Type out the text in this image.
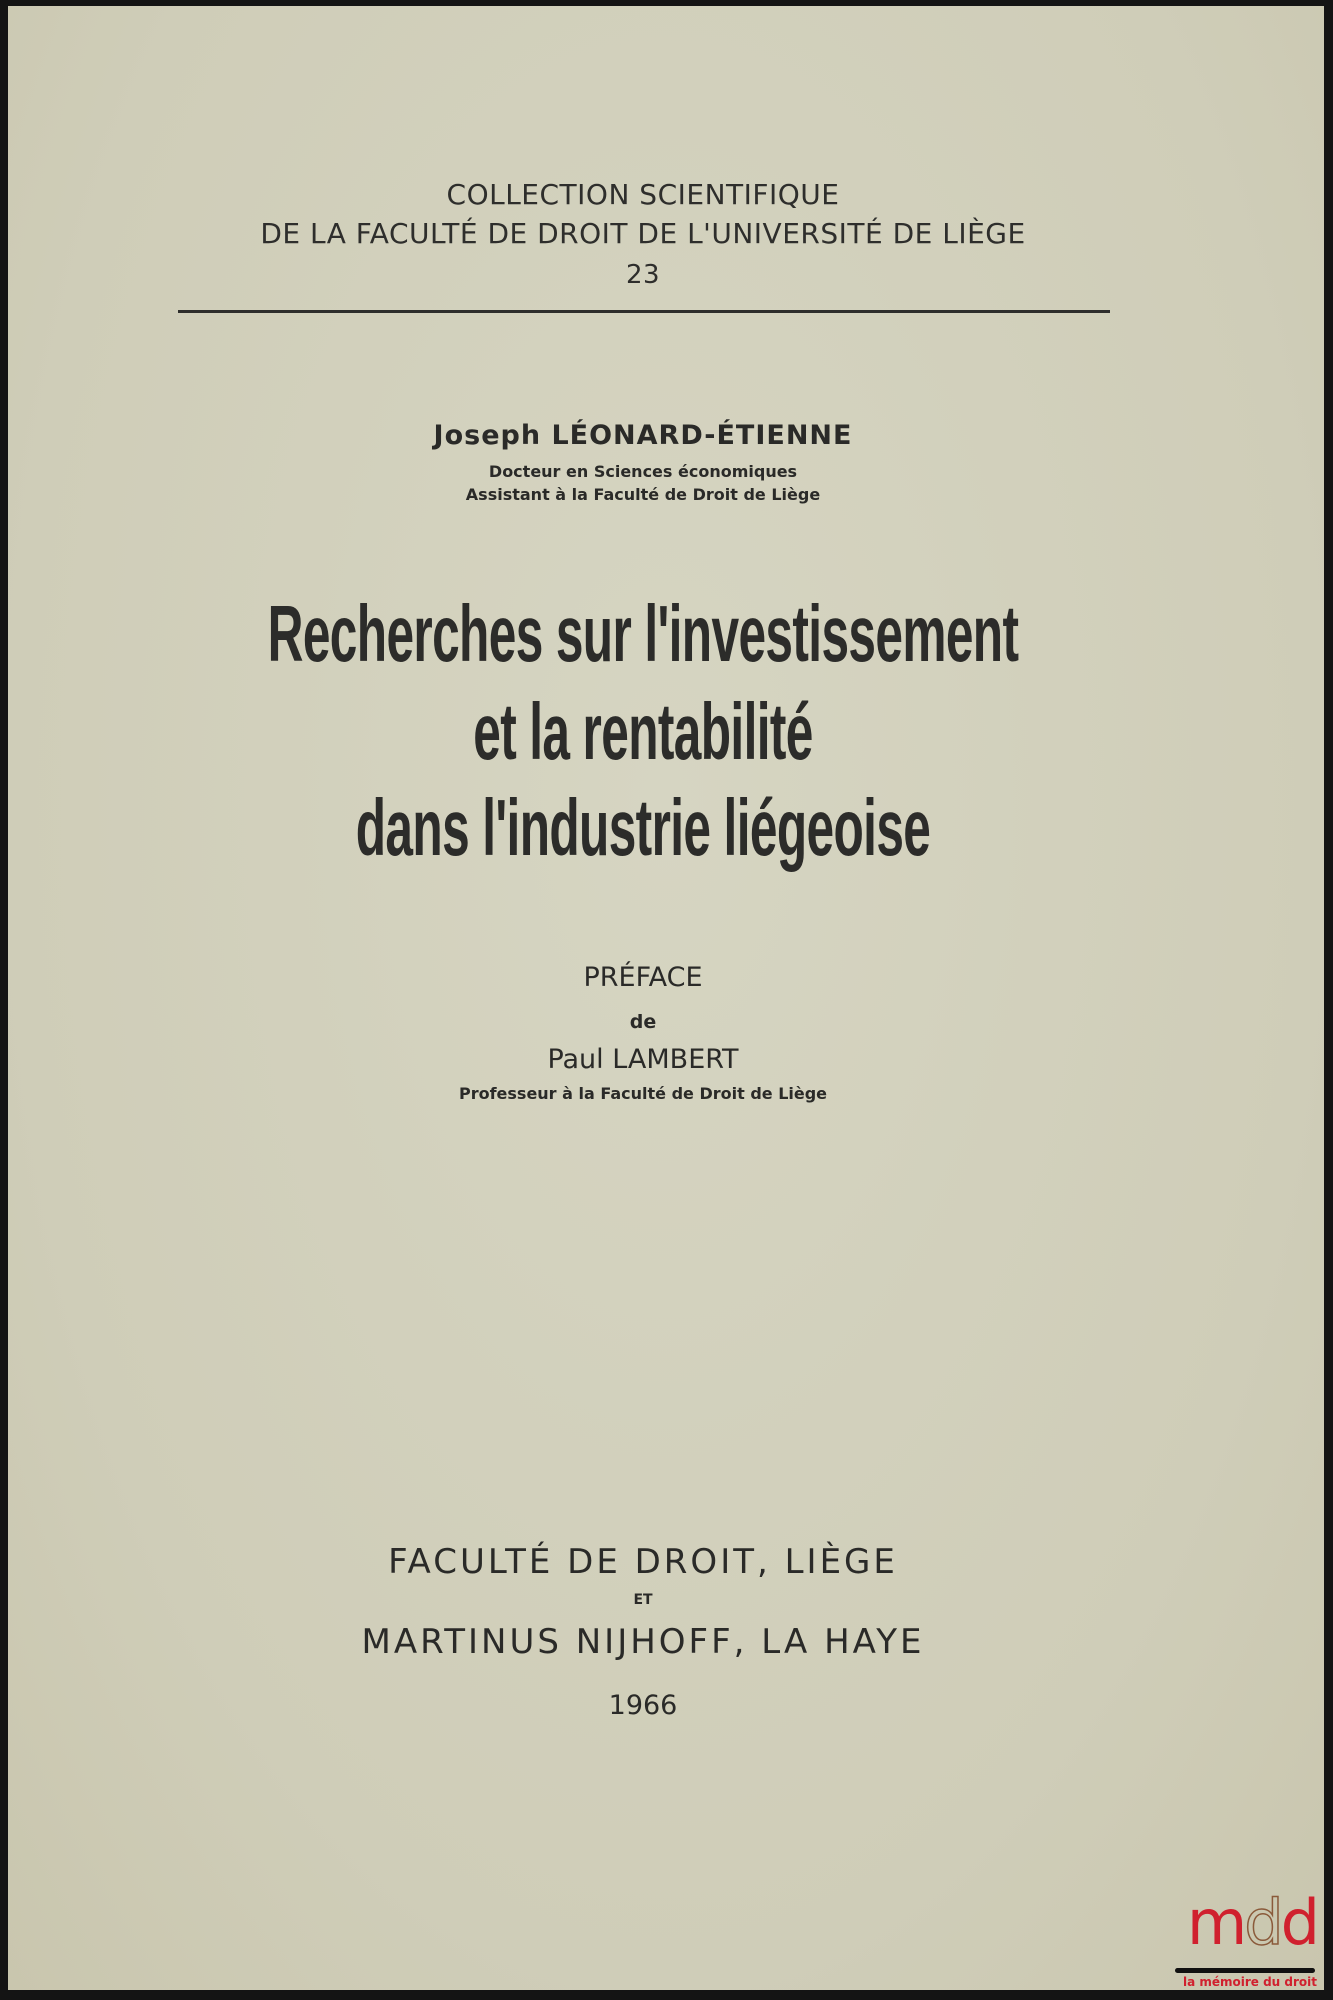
COLLECTION SCIENTIFIQUE
DE LA FACULTÉ DE DROIT DE L'UNIVERSITÉ DE LIÈGE
23
Joseph LÉONARD-ÉTIENNE
Docteur en Sciences économiques
Assistant à la Faculté de Droit de Liège
Recherches sur l'investissement
et la rentabilité
dans l'industrie liégeoise
PRÉFACE
de
Paul LAMBERT
Professeur à la Faculté de Droit de Liège
FACULTÉ DE DROIT, LIÈGE
ET
MARTINUS NIJHOFF, LA HAYE
1966
mdd
la mémoire du droit
